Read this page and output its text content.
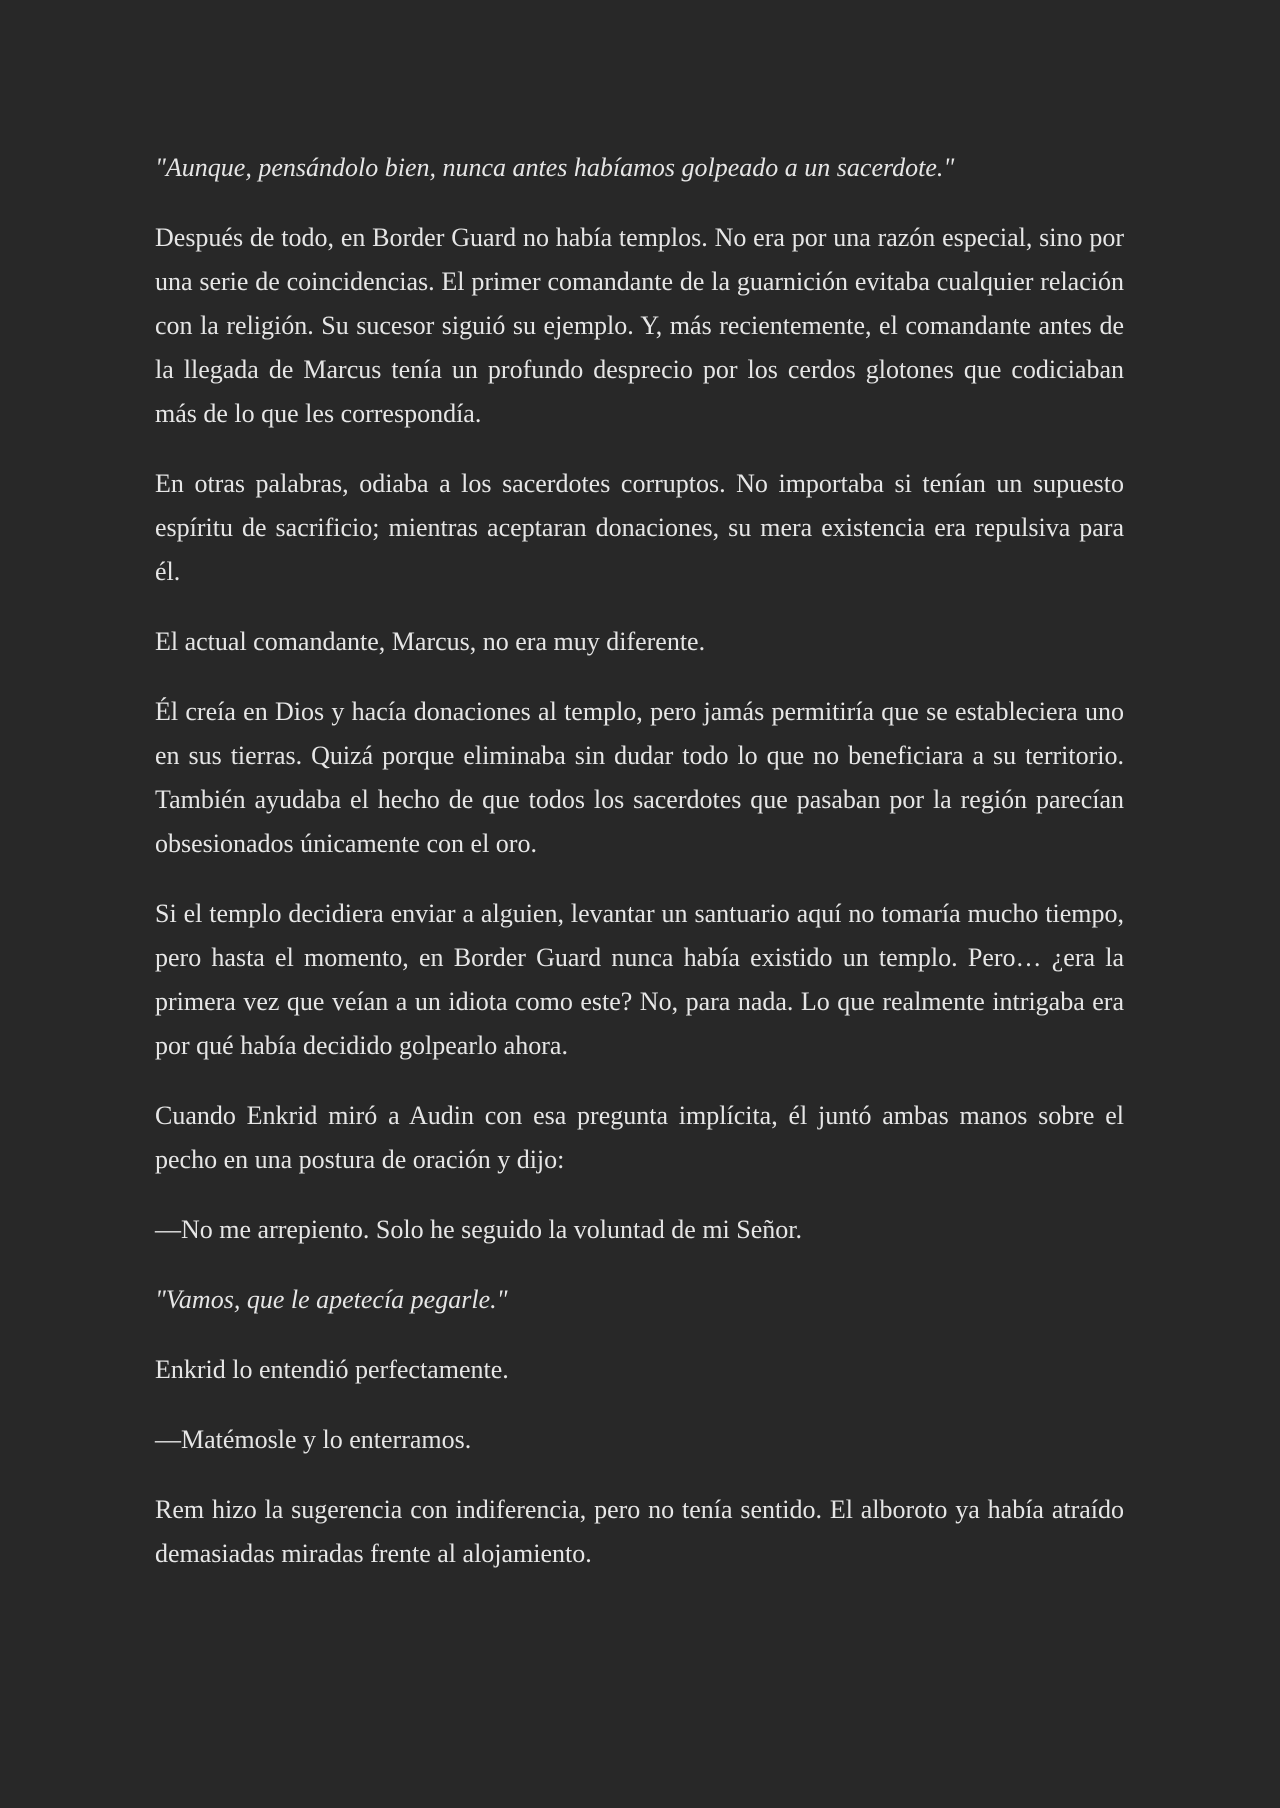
"Aunque, pensándolo bien, nunca antes habíamos golpeado a un sacerdote."

Después de todo, en Border Guard no había templos. No era por una razón especial, sino por una serie de coincidencias. El primer comandante de la guarnición evitaba cualquier relación con la religión. Su sucesor siguió su ejemplo. Y, más recientemente, el comandante antes de la llegada de Marcus tenía un profundo desprecio por los cerdos glotones que codiciaban más de lo que les correspondía.

En otras palabras, odiaba a los sacerdotes corruptos. No importaba si tenían un supuesto espíritu de sacrificio; mientras aceptaran donaciones, su mera existencia era repulsiva para él.

El actual comandante, Marcus, no era muy diferente.

Él creía en Dios y hacía donaciones al templo, pero jamás permitiría que se estableciera uno en sus tierras. Quizá porque eliminaba sin dudar todo lo que no beneficiara a su territorio. También ayudaba el hecho de que todos los sacerdotes que pasaban por la región parecían obsesionados únicamente con el oro.

Si el templo decidiera enviar a alguien, levantar un santuario aquí no tomaría mucho tiempo, pero hasta el momento, en Border Guard nunca había existido un templo. Pero… ¿era la primera vez que veían a un idiota como este? No, para nada. Lo que realmente intrigaba era por qué había decidido golpearlo ahora.

Cuando Enkrid miró a Audin con esa pregunta implícita, él juntó ambas manos sobre el pecho en una postura de oración y dijo:

—No me arrepiento. Solo he seguido la voluntad de mi Señor.

"Vamos, que le apetecía pegarle."

Enkrid lo entendió perfectamente.

—Matémosle y lo enterramos.

Rem hizo la sugerencia con indiferencia, pero no tenía sentido. El alboroto ya había atraído demasiadas miradas frente al alojamiento.
